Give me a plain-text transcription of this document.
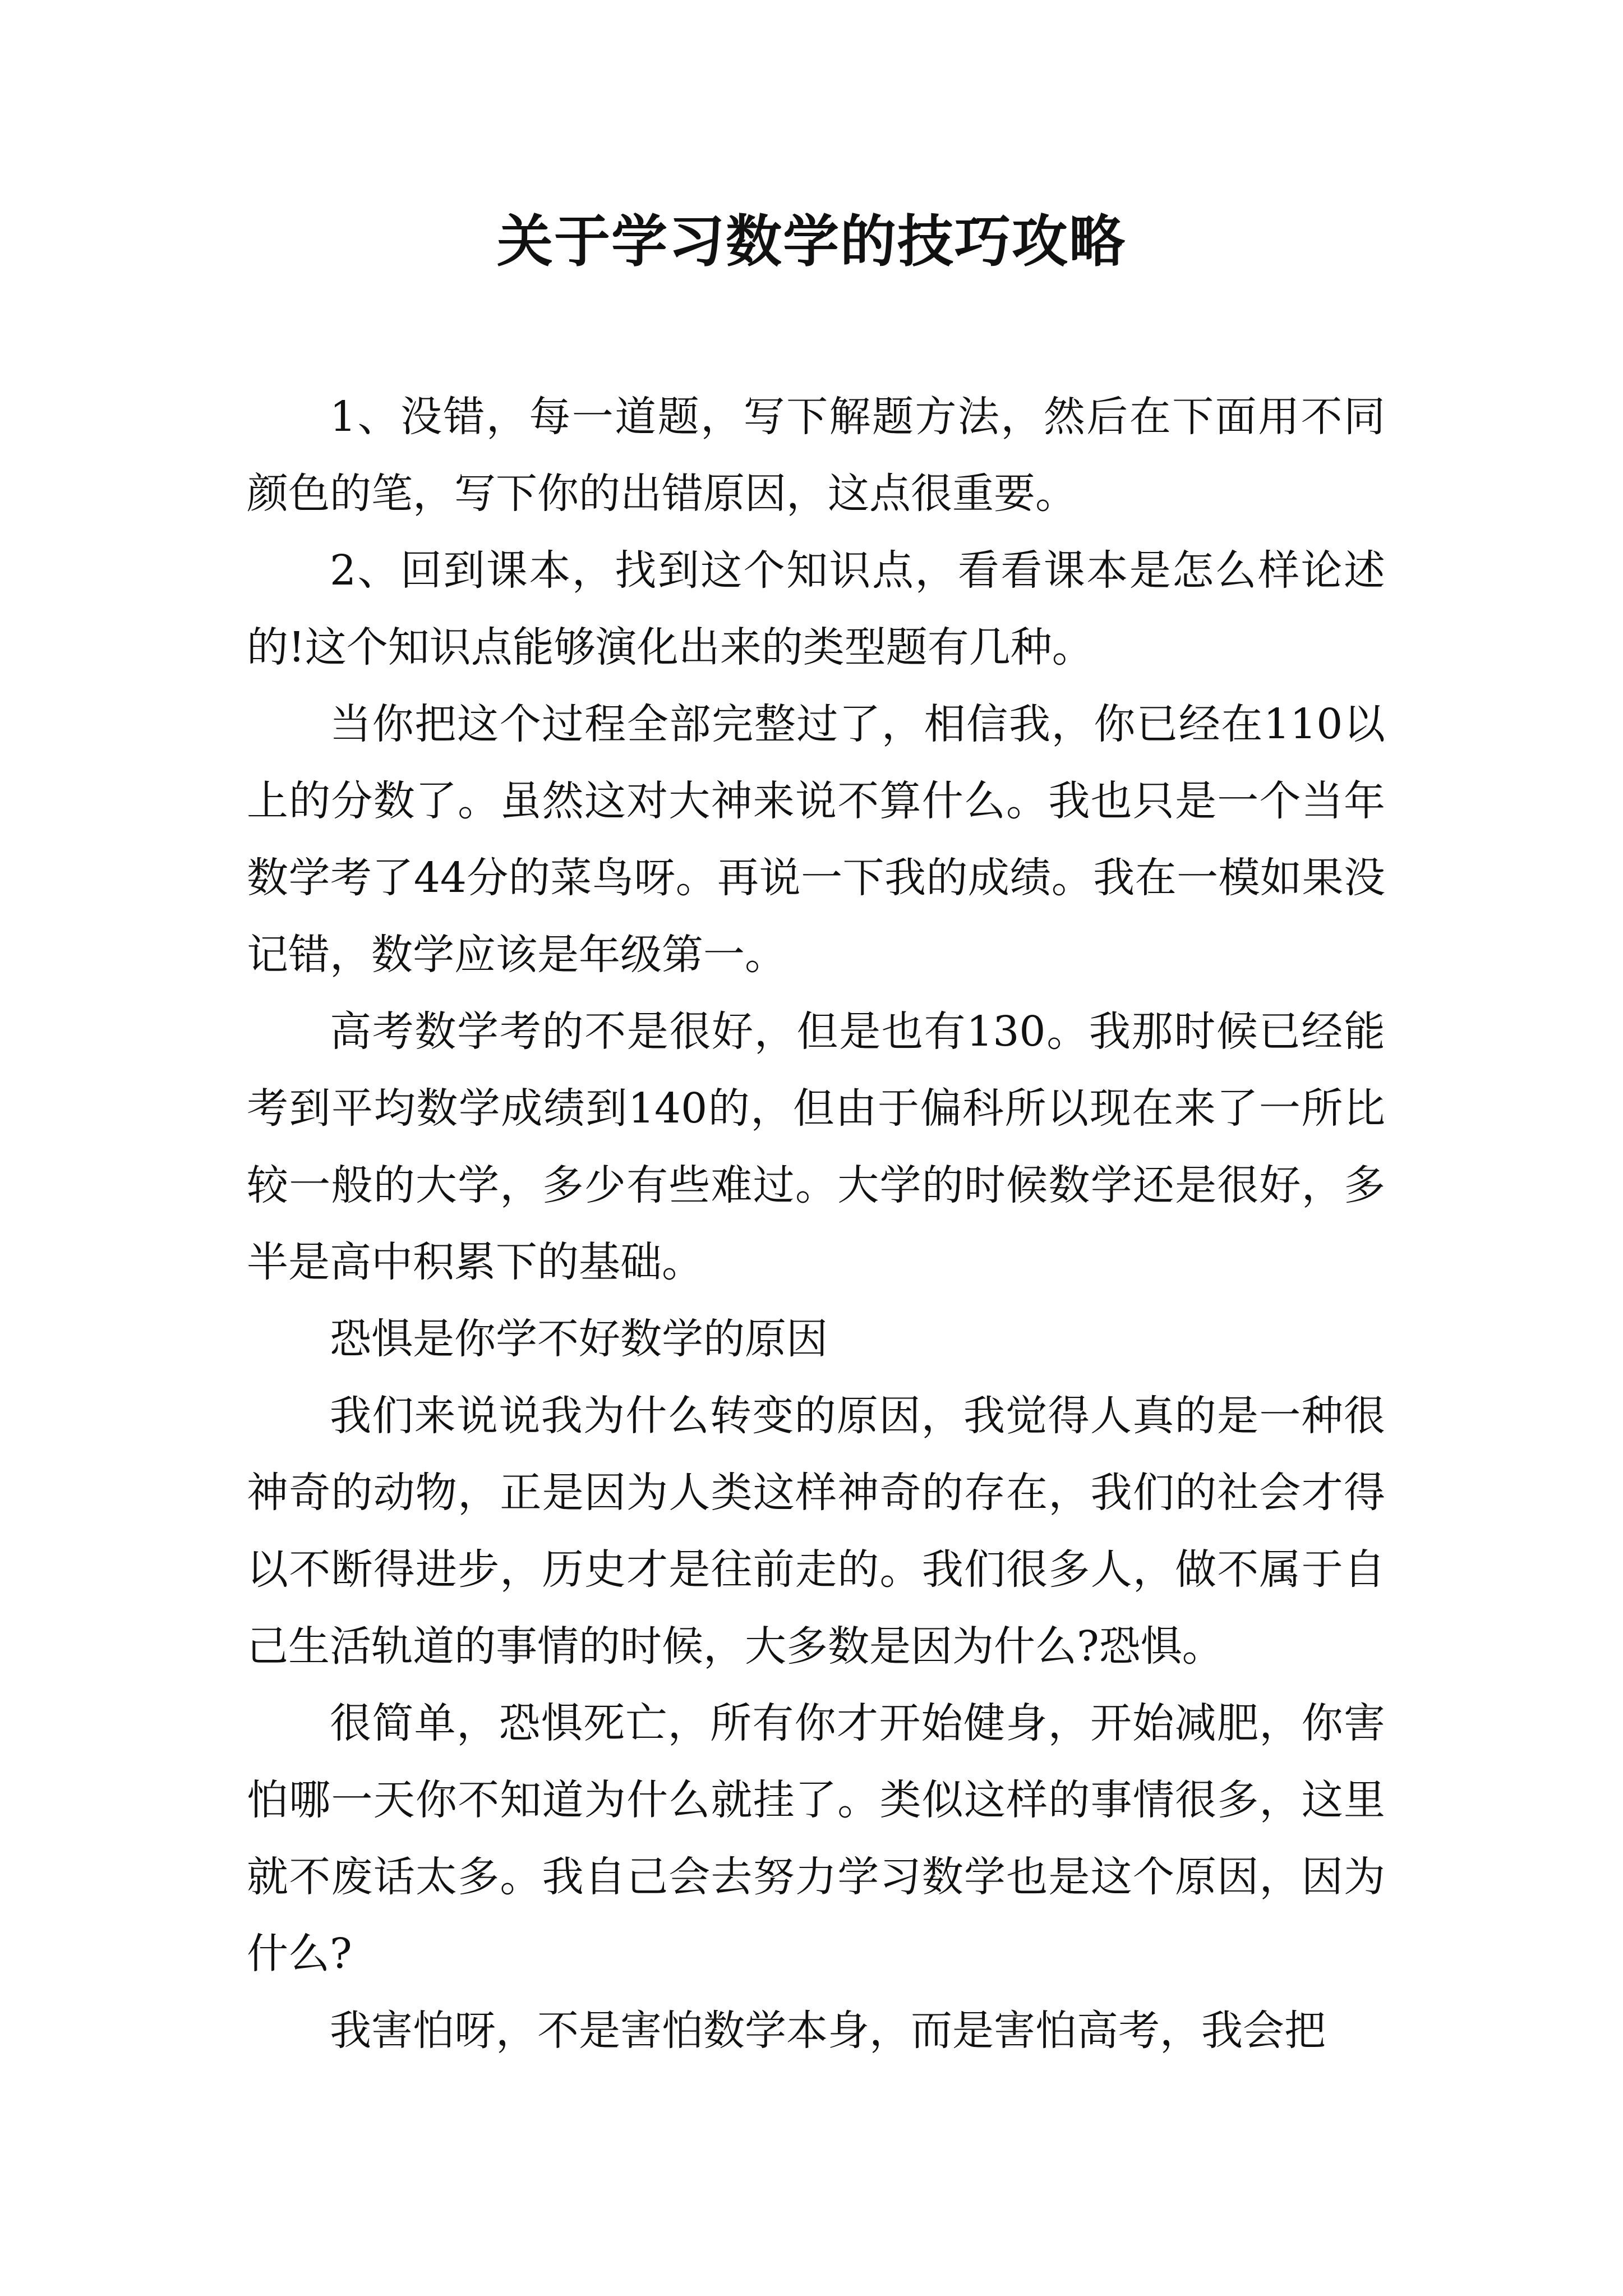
关于学习数学的技巧攻略

1、没错，每一道题，写下解题方法，然后在下面用不同颜色的笔，写下你的出错原因，这点很重要。

2、回到课本，找到这个知识点，看看课本是怎么样论述的!这个知识点能够演化出来的类型题有几种。

当你把这个过程全部完整过了，相信我，你已经在110以上的分数了。虽然这对大神来说不算什么。我也只是一个当年数学考了44分的菜鸟呀。再说一下我的成绩。我在一模如果没记错，数学应该是年级第一。

高考数学考的不是很好，但是也有130。我那时候已经能考到平均数学成绩到140的，但由于偏科所以现在来了一所比较一般的大学，多少有些难过。大学的时候数学还是很好，多半是高中积累下的基础。

恐惧是你学不好数学的原因

我们来说说我为什么转变的原因，我觉得人真的是一种很神奇的动物，正是因为人类这样神奇的存在，我们的社会才得以不断得进步，历史才是往前走的。我们很多人，做不属于自己生活轨道的事情的时候，大多数是因为什么?恐惧。

很简单，恐惧死亡，所有你才开始健身，开始减肥，你害怕哪一天你不知道为什么就挂了。类似这样的事情很多，这里就不废话太多。我自己会去努力学习数学也是这个原因，因为什么?

我害怕呀，不是害怕数学本身，而是害怕高考，我会把
